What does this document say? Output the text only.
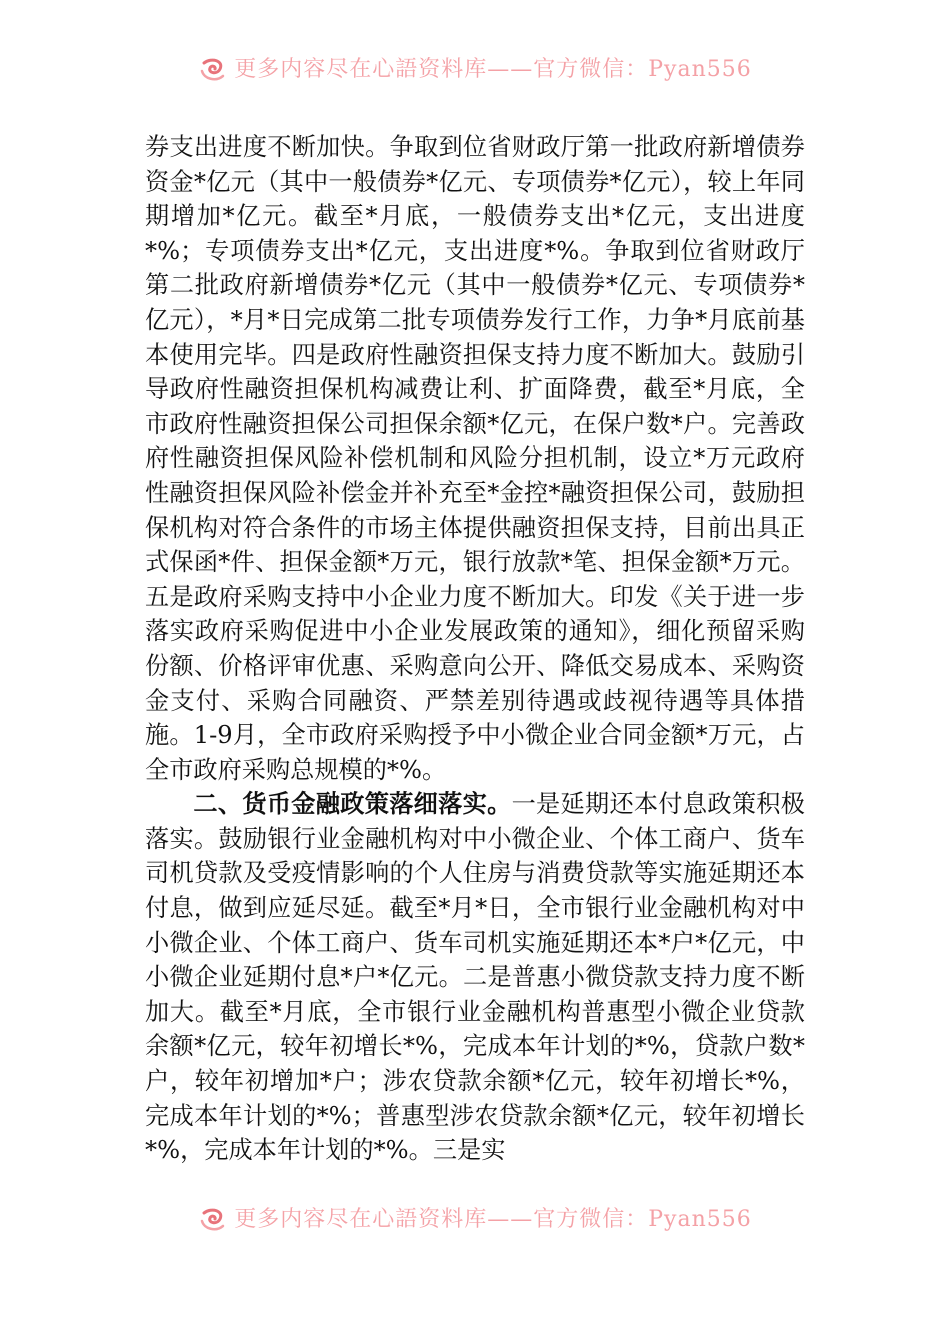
更多内容尽在心語资料库——官方微信：Pyan556

券支出进度不断加快。争取到位省财政厅第一批政府新增债券资金*亿元（其中一般债券*亿元、专项债券*亿元），较上年同期增加*亿元。截至*月底，一般债券支出*亿元，支出进度*%；专项债券支出*亿元，支出进度*%。争取到位省财政厅第二批政府新增债券*亿元（其中一般债券*亿元、专项债券*亿元），*月*日完成第二批专项债券发行工作，力争*月底前基本使用完毕。四是政府性融资担保支持力度不断加大。鼓励引导政府性融资担保机构减费让利、扩面降费，截至*月底，全市政府性融资担保公司担保余额*亿元，在保户数*户。完善政府性融资担保风险补偿机制和风险分担机制，设立*万元政府性融资担保风险补偿金并补充至*金控*融资担保公司，鼓励担保机构对符合条件的市场主体提供融资担保支持，目前出具正式保函*件、担保金额*万元，银行放款*笔、担保金额*万元。五是政府采购支持中小企业力度不断加大。印发《关于进一步落实政府采购促进中小企业发展政策的通知》，细化预留采购份额、价格评审优惠、采购意向公开、降低交易成本、采购资金支付、采购合同融资、严禁差别待遇或歧视待遇等具体措施。1-9月，全市政府采购授予中小微企业合同金额*万元，占全市政府采购总规模的*%。

二、货币金融政策落细落实。一是延期还本付息政策积极落实。鼓励银行业金融机构对中小微企业、个体工商户、货车司机贷款及受疫情影响的个人住房与消费贷款等实施延期还本付息，做到应延尽延。截至*月*日，全市银行业金融机构对中小微企业、个体工商户、货车司机实施延期还本*户*亿元，中小微企业延期付息*户*亿元。二是普惠小微贷款支持力度不断加大。截至*月底，全市银行业金融机构普惠型小微企业贷款余额*亿元，较年初增长*%，完成本年计划的*%，贷款户数*户，较年初增加*户；涉农贷款余额*亿元，较年初增长*%，完成本年计划的*%；普惠型涉农贷款余额*亿元，较年初增长*%，完成本年计划的*%。三是实

更多内容尽在心語资料库——官方微信：Pyan556
